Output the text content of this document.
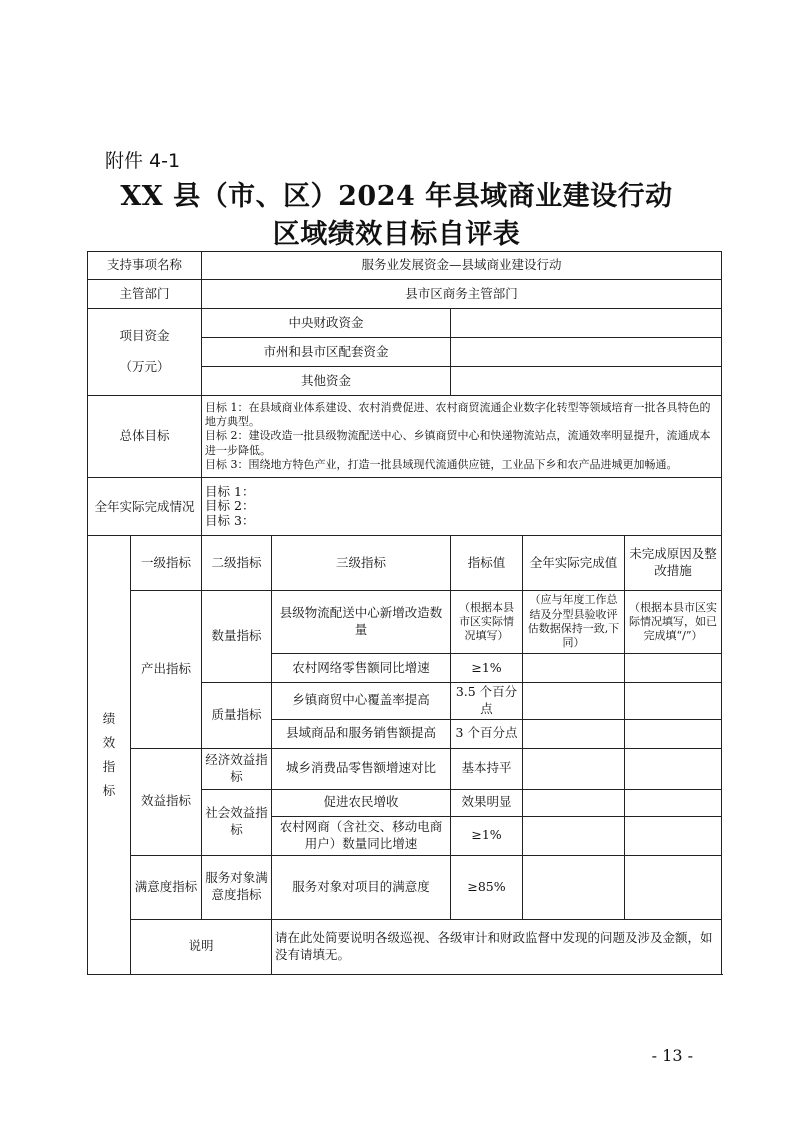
附件 4-1
XX 县（市、区）2024 年县域商业建设行动
区域绩效目标自评表
支持事项名称		服务业发展资金—县域商业建设行动				
主管部门		县市区商务主管部门				

项目资金
（万元）		中央财政资金				
		市州和县市区配套资金				
		其他资金				
总体目标		目标 1：在县域商业体系建设、农村消费促进、农村商贸流通企业数字化转型等领域培育一批各具特色的地方典型。
目标 2：建设改造一批县级物流配送中心、乡镇商贸中心和快递物流站点，流通效率明显提升，流通成本进一步降低。
目标 3：围绕地方特色产业，打造一批县域现代流通供应链，工业品下乡和农产品进城更加畅通。				

全年实际完成情况		目标 1：
目标 2：
目标 3：				

绩
效
指
标	一级指标	二级指标	三级指标	指标值	全年实际完成值	未完成原因及整改措施
	产出指标	数量指标	县级物流配送中心新增改造数量	（根据本县市区实际情况填写）	（应与年度工作总结及分型县验收评估数据保持一致,下同）	（根据本县市区实际情况填写，如已完成填“/”）
			农村网络零售额同比增速	≥1%		
		质量指标	乡镇商贸中心覆盖率提高	3.5 个百分点		
			县域商品和服务销售额提高	3 个百分点		
	效益指标	经济效益指标	城乡消费品零售额增速对比	基本持平		
		社会效益指标	促进农民增收	效果明显		
			农村网商（含社交、移动电商用户）数量同比增速	≥1%		
	满意度指标	服务对象满意度指标	服务对象对项目的满意度	≥85%		
	说明		请在此处简要说明各级巡视、各级审计和财政监督中发现的问题及涉及金额，如没有请填无。			
- 13 -
